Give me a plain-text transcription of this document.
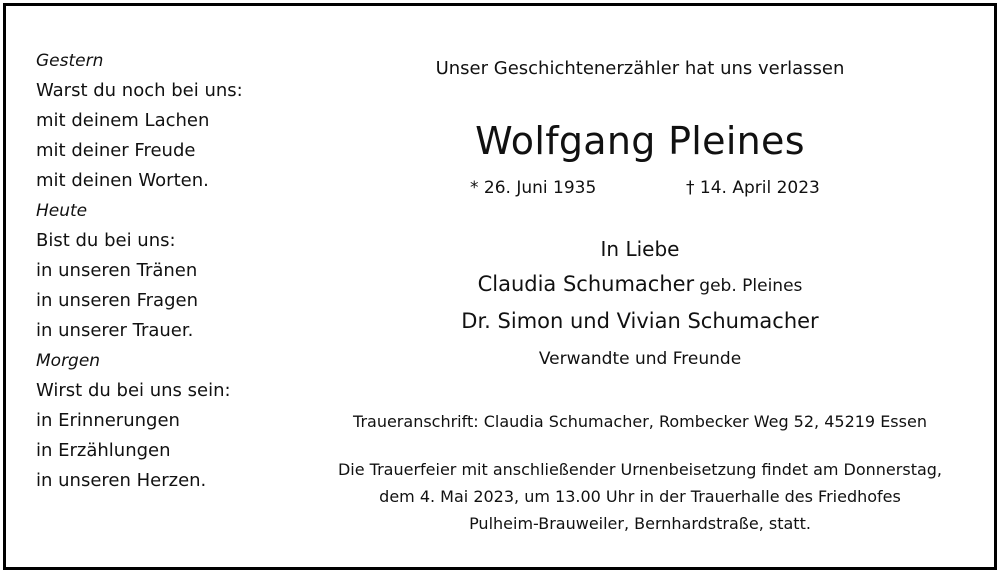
Gestern
Warst du noch bei uns:
mit deinem Lachen
mit deiner Freude
mit deinen Worten.
Heute
Bist du bei uns:
in unseren Tränen
in unseren Fragen
in unserer Trauer.
Morgen
Wirst du bei uns sein:
in Erinnerungen
in Erzählungen
in unseren Herzen.
Unser Geschichtenerzähler hat uns verlassen
Wolfgang Pleines
* 26. Juni 1935	† 14. April 2023
In Liebe
Claudia Schumacher geb. Pleines
Dr. Simon und Vivian Schumacher
Verwandte und Freunde
Traueranschrift: Claudia Schumacher, Rombecker Weg 52, 45219 Essen
Die Trauerfeier mit anschließender Urnenbeisetzung findet am Donnerstag,
dem 4. Mai 2023, um 13.00 Uhr in der Trauerhalle des Friedhofes
Pulheim-Brauweiler, Bernhardstraße, statt.
